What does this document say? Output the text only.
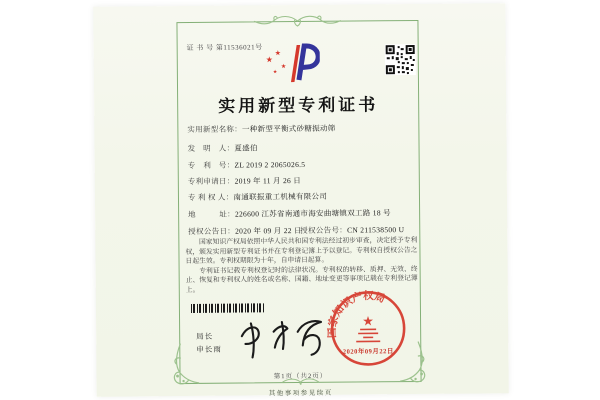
证 书 号 第11536021号
★
★
★
★
实用新型专利证书
实用新型名称：一种新型平衡式砂糖振动筛
发　明　人：夏盛伯
专　利　号：ZL 2019 2 2065026.5
专利申请日：2019 年 11 月 26 日
专 利 权 人：南通联振重工机械有限公司
地　　　址：226600 江苏省南通市海安曲塘镇双工路 18 号
授权公告日：2020 年 09 月 22 日
授权公告号：CN 211538500 U

国家知识产权局依照中华人民共和国专利法经过初步审查，决定授予专利权，颁发实用新型专利证书并在专利登记簿上予以登记。专利权自授权公告之日起生效。专利权期限为十年，自申请日起算。

专利证书记载专利权登记时的法律状况。专利权的转移、质押、无效、终止、恢复和专利权人的姓名或名称、国籍、地址变更等事项记载在专利登记簿上。

局长
申长雨
国家知识产权局
★
2020年09月22日
第1页（共2页）
其他事项参见续页
